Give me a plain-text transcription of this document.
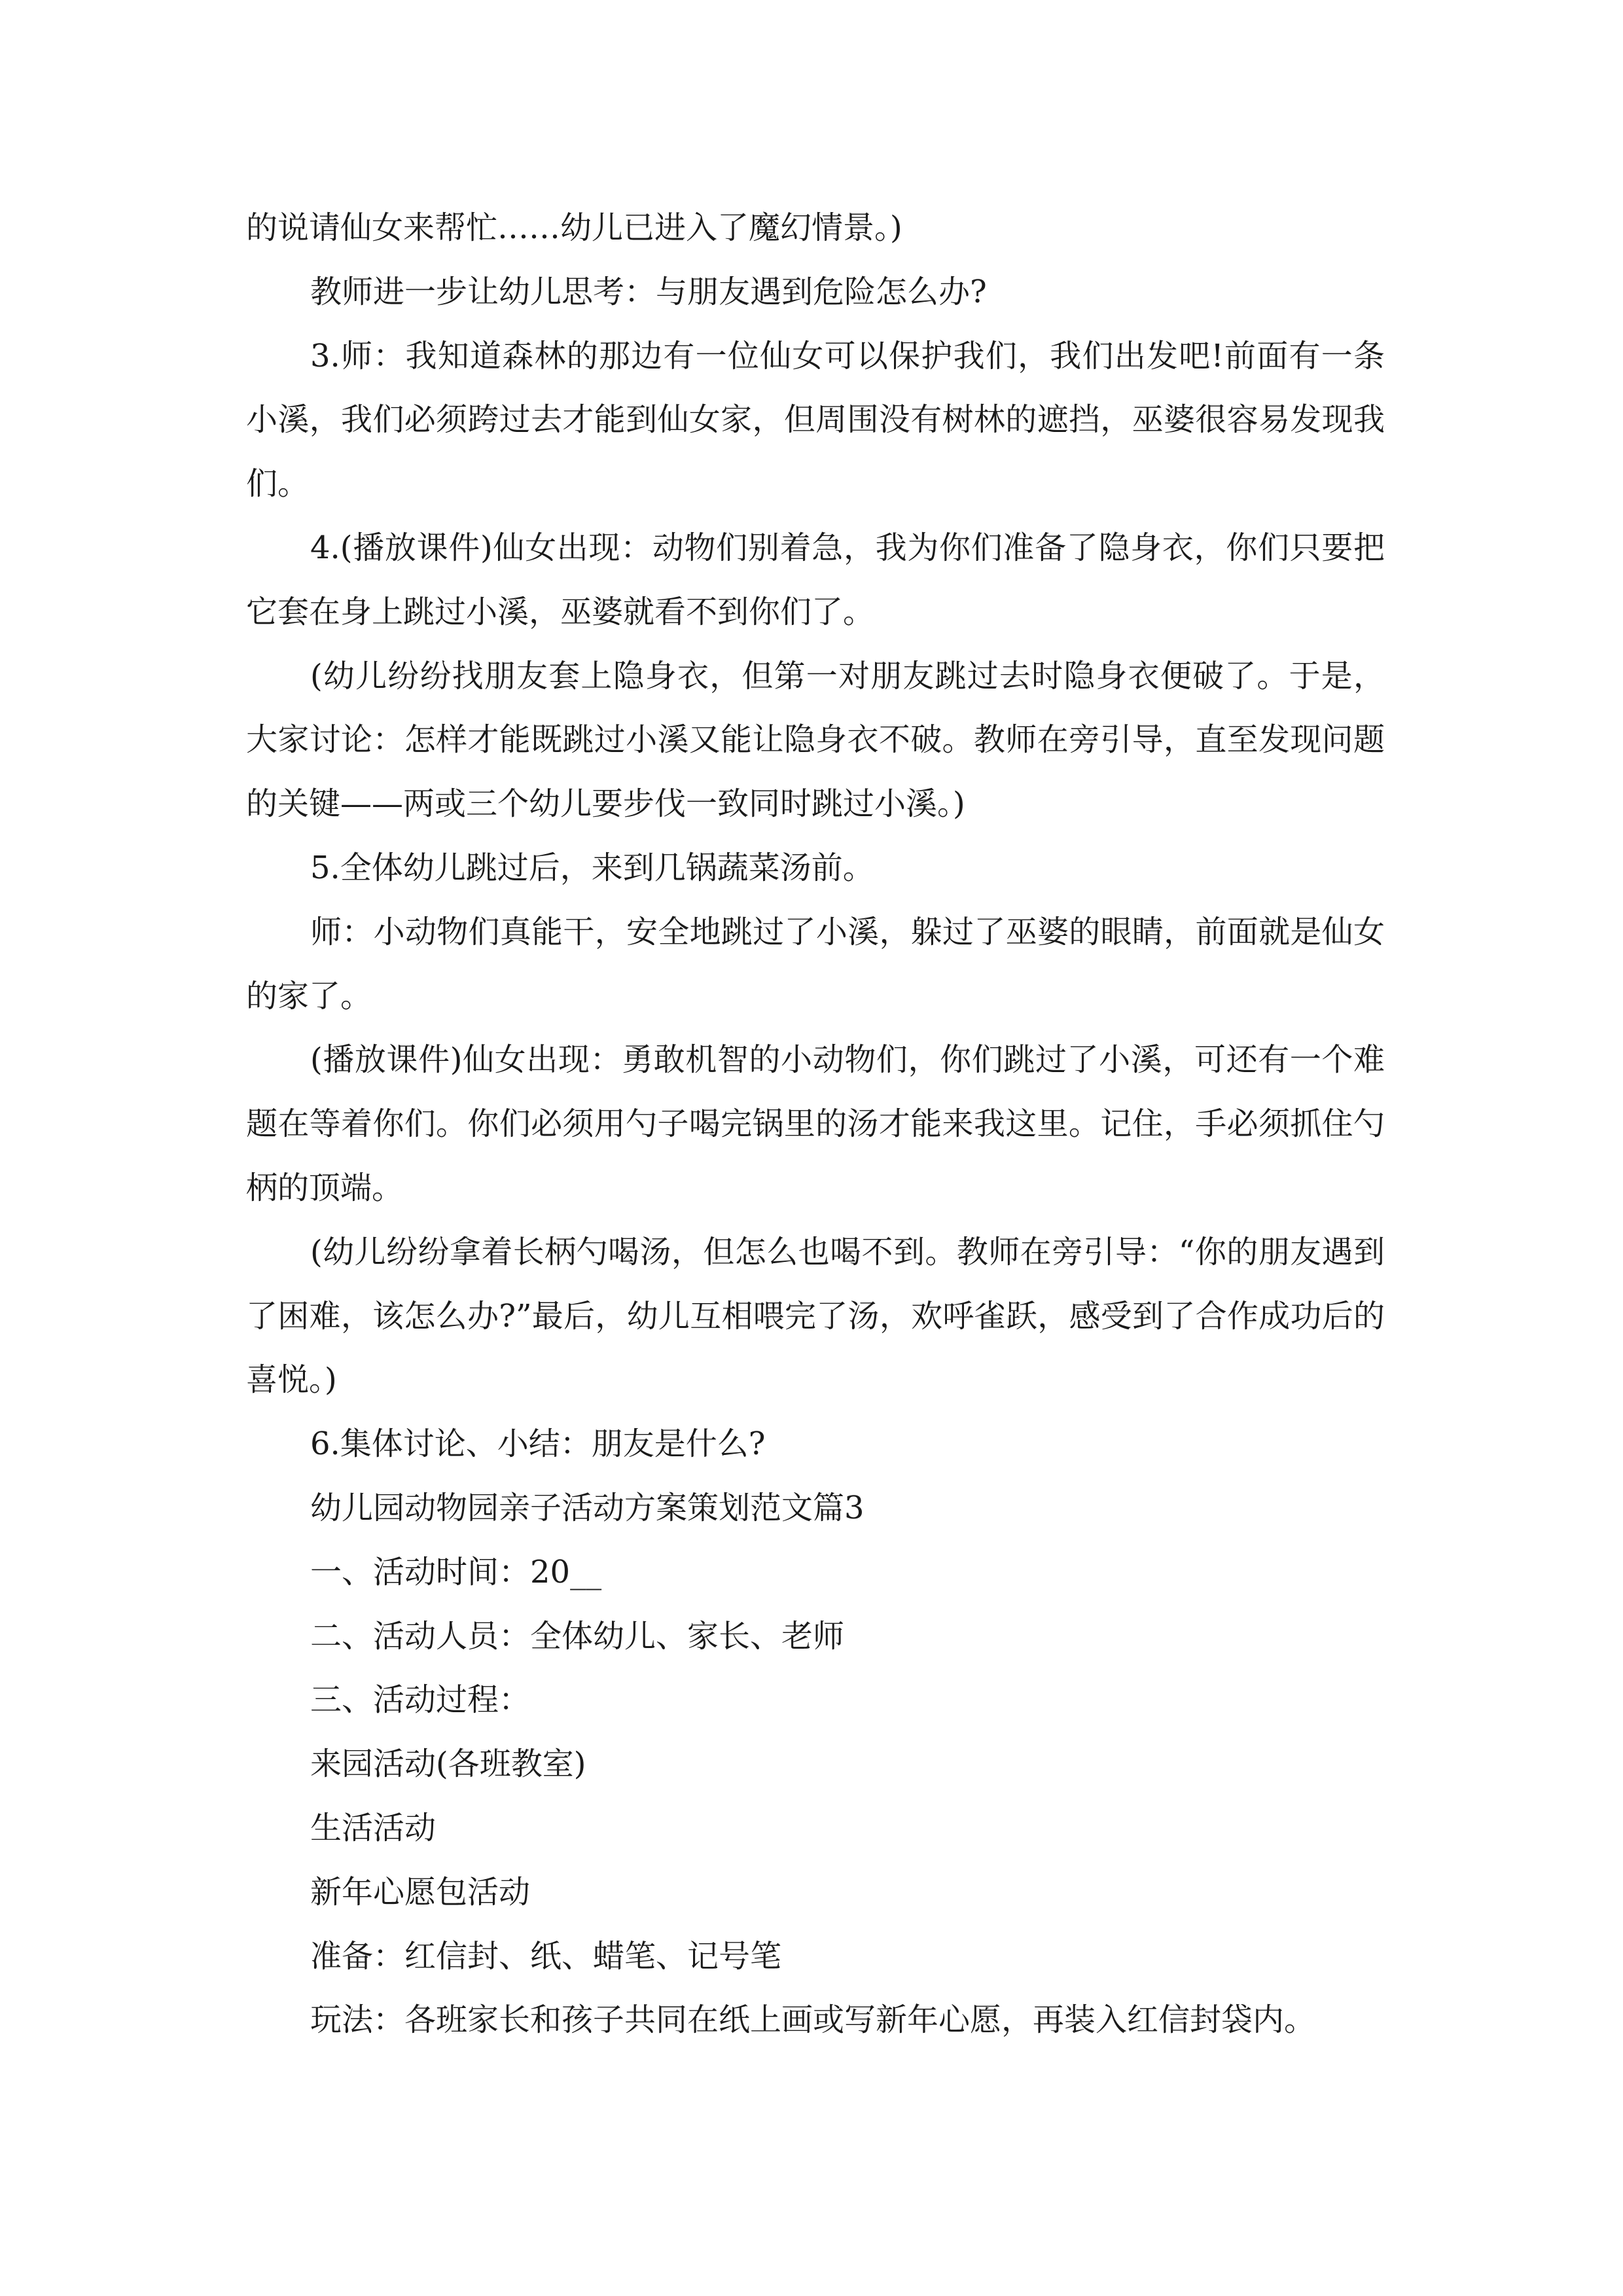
的说请仙女来帮忙……幼儿已进入了魔幻情景。)

教师进一步让幼儿思考：与朋友遇到危险怎么办?

3.师：我知道森林的那边有一位仙女可以保护我们，我们出发吧!前面有一条小溪，我们必须跨过去才能到仙女家，但周围没有树林的遮挡，巫婆很容易发现我们。

4.(播放课件)仙女出现：动物们别着急，我为你们准备了隐身衣，你们只要把它套在身上跳过小溪，巫婆就看不到你们了。

(幼儿纷纷找朋友套上隐身衣，但第一对朋友跳过去时隐身衣便破了。于是，大家讨论：怎样才能既跳过小溪又能让隐身衣不破。教师在旁引导，直至发现问题的关键——两或三个幼儿要步伐一致同时跳过小溪。)

5.全体幼儿跳过后，来到几锅蔬菜汤前。

师：小动物们真能干，安全地跳过了小溪，躲过了巫婆的眼睛，前面就是仙女的家了。

(播放课件)仙女出现：勇敢机智的小动物们，你们跳过了小溪，可还有一个难题在等着你们。你们必须用勺子喝完锅里的汤才能来我这里。记住，手必须抓住勺柄的顶端。

(幼儿纷纷拿着长柄勺喝汤，但怎么也喝不到。教师在旁引导：“你的朋友遇到了困难，该怎么办?”最后，幼儿互相喂完了汤，欢呼雀跃，感受到了合作成功后的喜悦。)

6.集体讨论、小结：朋友是什么?

幼儿园动物园亲子活动方案策划范文篇3

一、活动时间：20__

二、活动人员：全体幼儿、家长、老师

三、活动过程：

来园活动(各班教室)

生活活动

新年心愿包活动

准备：红信封、纸、蜡笔、记号笔

玩法：各班家长和孩子共同在纸上画或写新年心愿，再装入红信封袋内。
